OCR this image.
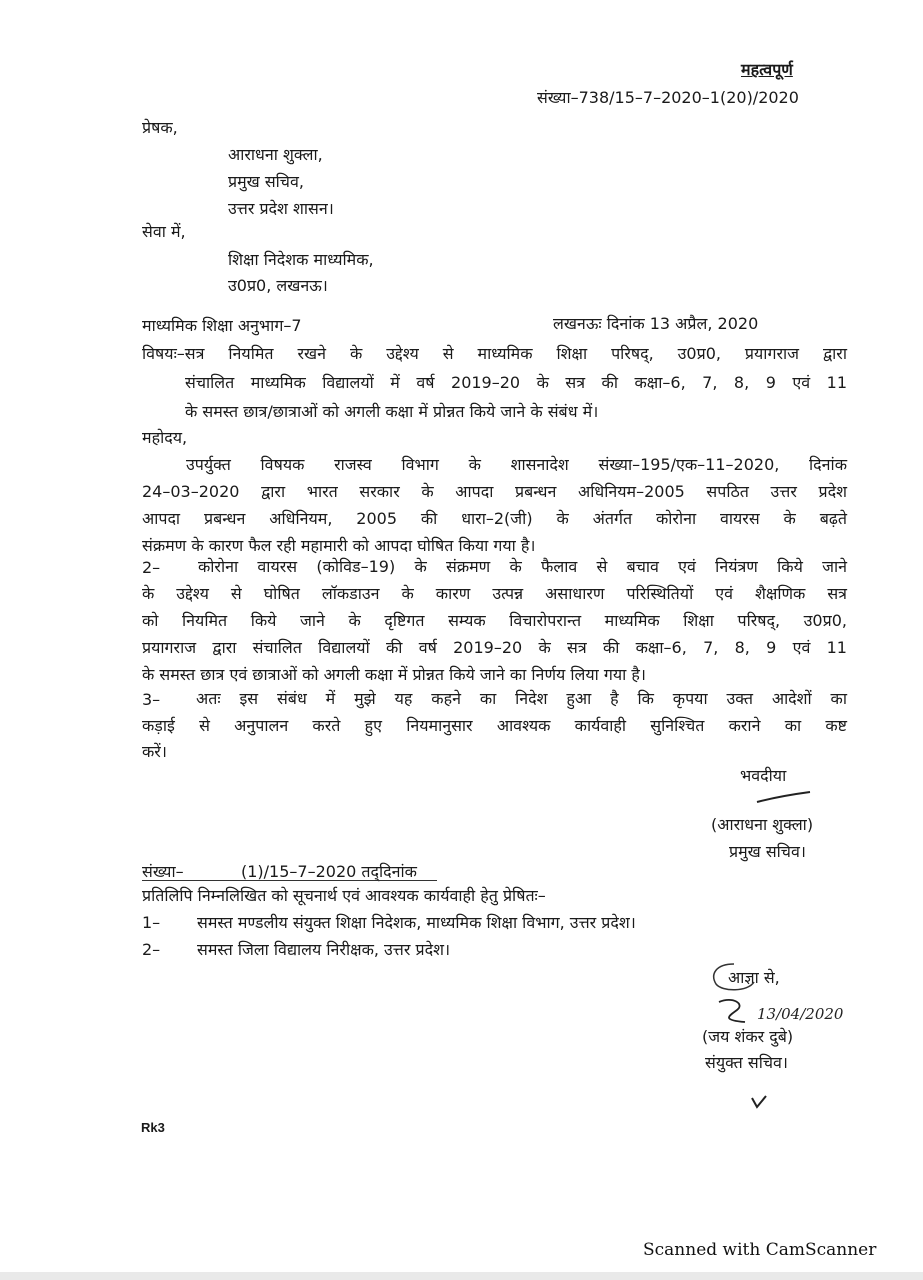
महत्वपूर्ण
संख्या–738/15–7–2020–1(20)/2020
प्रेषक,
आराधना शुक्ला,
प्रमुख सचिव,
उत्तर प्रदेश शासन।
सेवा में,
शिक्षा निदेशक माध्यमिक,
उ0प्र0, लखनऊ।
माध्यमिक शिक्षा अनुभाग–7	लखनऊः दिनांक 13 अप्रैल, 2020
विषयः–सत्र नियमित रखने के उद्देश्य से माध्यमिक शिक्षा परिषद्, उ0प्र0, प्रयागराज द्वारा
संचालित माध्यमिक विद्यालयों में वर्ष 2019–20 के सत्र की कक्षा–6, 7, 8, 9 एवं 11
के समस्त छात्र/छात्राओं को अगली कक्षा में प्रोन्नत किये जाने के संबंध में।
महोदय,
उपर्युक्त विषयक राजस्व विभाग के शासनादेश संख्या–195/एक–11–2020, दिनांक
24–03–2020 द्वारा भारत सरकार के आपदा प्रबन्धन अधिनियम–2005 सपठित उत्तर प्रदेश
आपदा प्रबन्धन अधिनियम, 2005 की धारा–2(जी) के अंतर्गत कोरोना वायरस के बढ़ते
संक्रमण के कारण फैल रही महामारी को आपदा घोषित किया गया है।
2– कोरोना वायरस (कोविड–19) के संक्रमण के फैलाव से बचाव एवं नियंत्रण किये जाने
के उद्देश्य से घोषित लॉकडाउन के कारण उत्पन्न असाधारण परिस्थितियों एवं शैक्षणिक सत्र
को नियमित किये जाने के दृष्टिगत सम्यक विचारोपरान्त माध्यमिक शिक्षा परिषद्, उ0प्र0,
प्रयागराज द्वारा संचालित विद्यालयों की वर्ष 2019–20 के सत्र की कक्षा–6, 7, 8, 9 एवं 11
के समस्त छात्र एवं छात्राओं को अगली कक्षा में प्रोन्नत किये जाने का निर्णय लिया गया है।
3– अतः इस संबंध में मुझे यह कहने का निदेश हुआ है कि कृपया उक्त आदेशों का
कड़ाई से अनुपालन करते हुए नियमानुसार आवश्यक कार्यवाही सुनिश्चित कराने का कष्ट
करें।
भवदीया
(आराधना शुक्ला)
प्रमुख सचिव।
संख्या–	(1)/15–7–2020 तद्‌दिनांक
प्रतिलिपि निम्नलिखित को सूचनार्थ एवं आवश्यक कार्यवाही हेतु प्रेषितः–
1– समस्त मण्डलीय संयुक्त शिक्षा निदेशक, माध्यमिक शिक्षा विभाग, उत्तर प्रदेश।
2– समस्त जिला विद्यालय निरीक्षक, उत्तर प्रदेश।
आज्ञा से,
13/04/2020
(जय शंकर दुबे)
संयुक्त सचिव।
Rk3
Scanned with CamScanner
